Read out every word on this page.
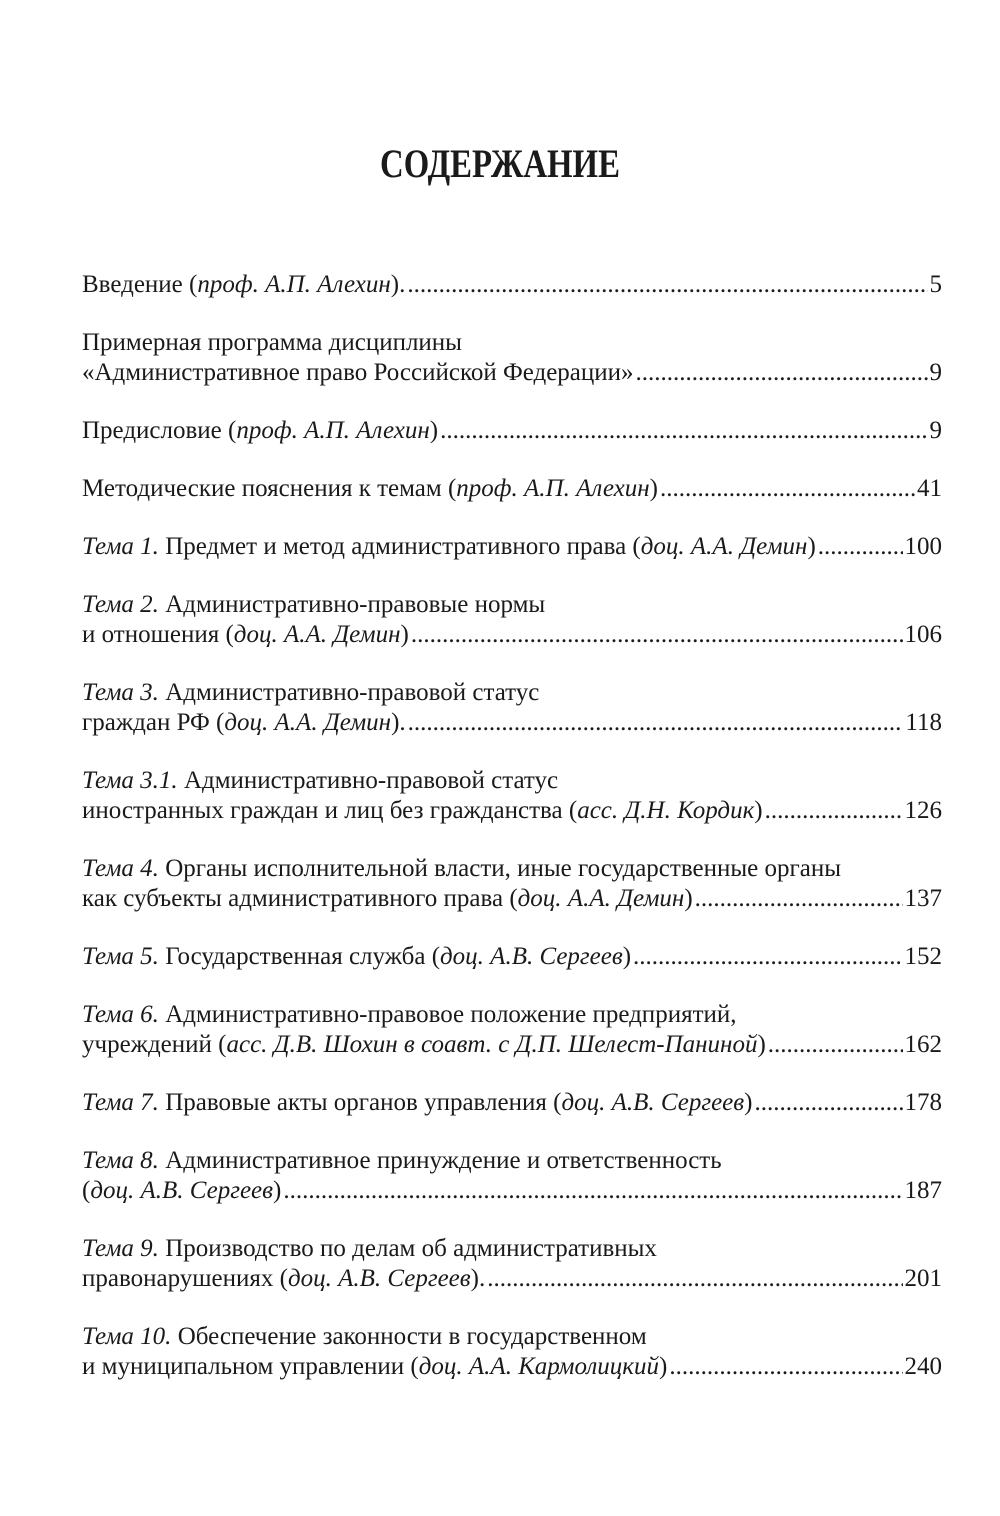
СОДЕРЖАНИЕ
Введение (проф. А.П. Алехин). .....	5
Примерная программа дисциплины
«Административное право Российской Федерации» .....	9
Предисловие (проф. А.П. Алехин) .....	9
Методические пояснения к темам (проф. А.П. Алехин) .....	41
Тема 1. Предмет и метод административного права (доц. А.А. Демин) .....	100
Тема 2. Административно-правовые нормы
и отношения (доц. А.А. Демин) .....	106
Тема 3. Административно-правовой статус
граждан РФ (доц. А.А. Демин). .....	118
Тема 3.1. Административно-правовой статус
иностранных граждан и лиц без гражданства (асс. Д.Н. Кордик) .....	126
Тема 4. Органы исполнительной власти, иные государственные органы
как субъекты административного права (доц. А.А. Демин) .....	137
Тема 5. Государственная служба (доц. А.В. Сергеев) .....	152
Тема 6. Административно-правовое положение предприятий,
учреждений (асс. Д.В. Шохин в соавт. с Д.П. Шелест-Паниной) .....	162
Тема 7. Правовые акты органов управления (доц. А.В. Сергеев) .....	178
Тема 8. Административное принуждение и ответственность
(доц. А.В. Сергеев) .....	187
Тема 9. Производство по делам об административных
правонарушениях (доц. А.В. Сергеев). .....	201
Тема 10. Обеспечение законности в государственном
и муниципальном управлении (доц. А.А. Кармолицкий) .....	240
